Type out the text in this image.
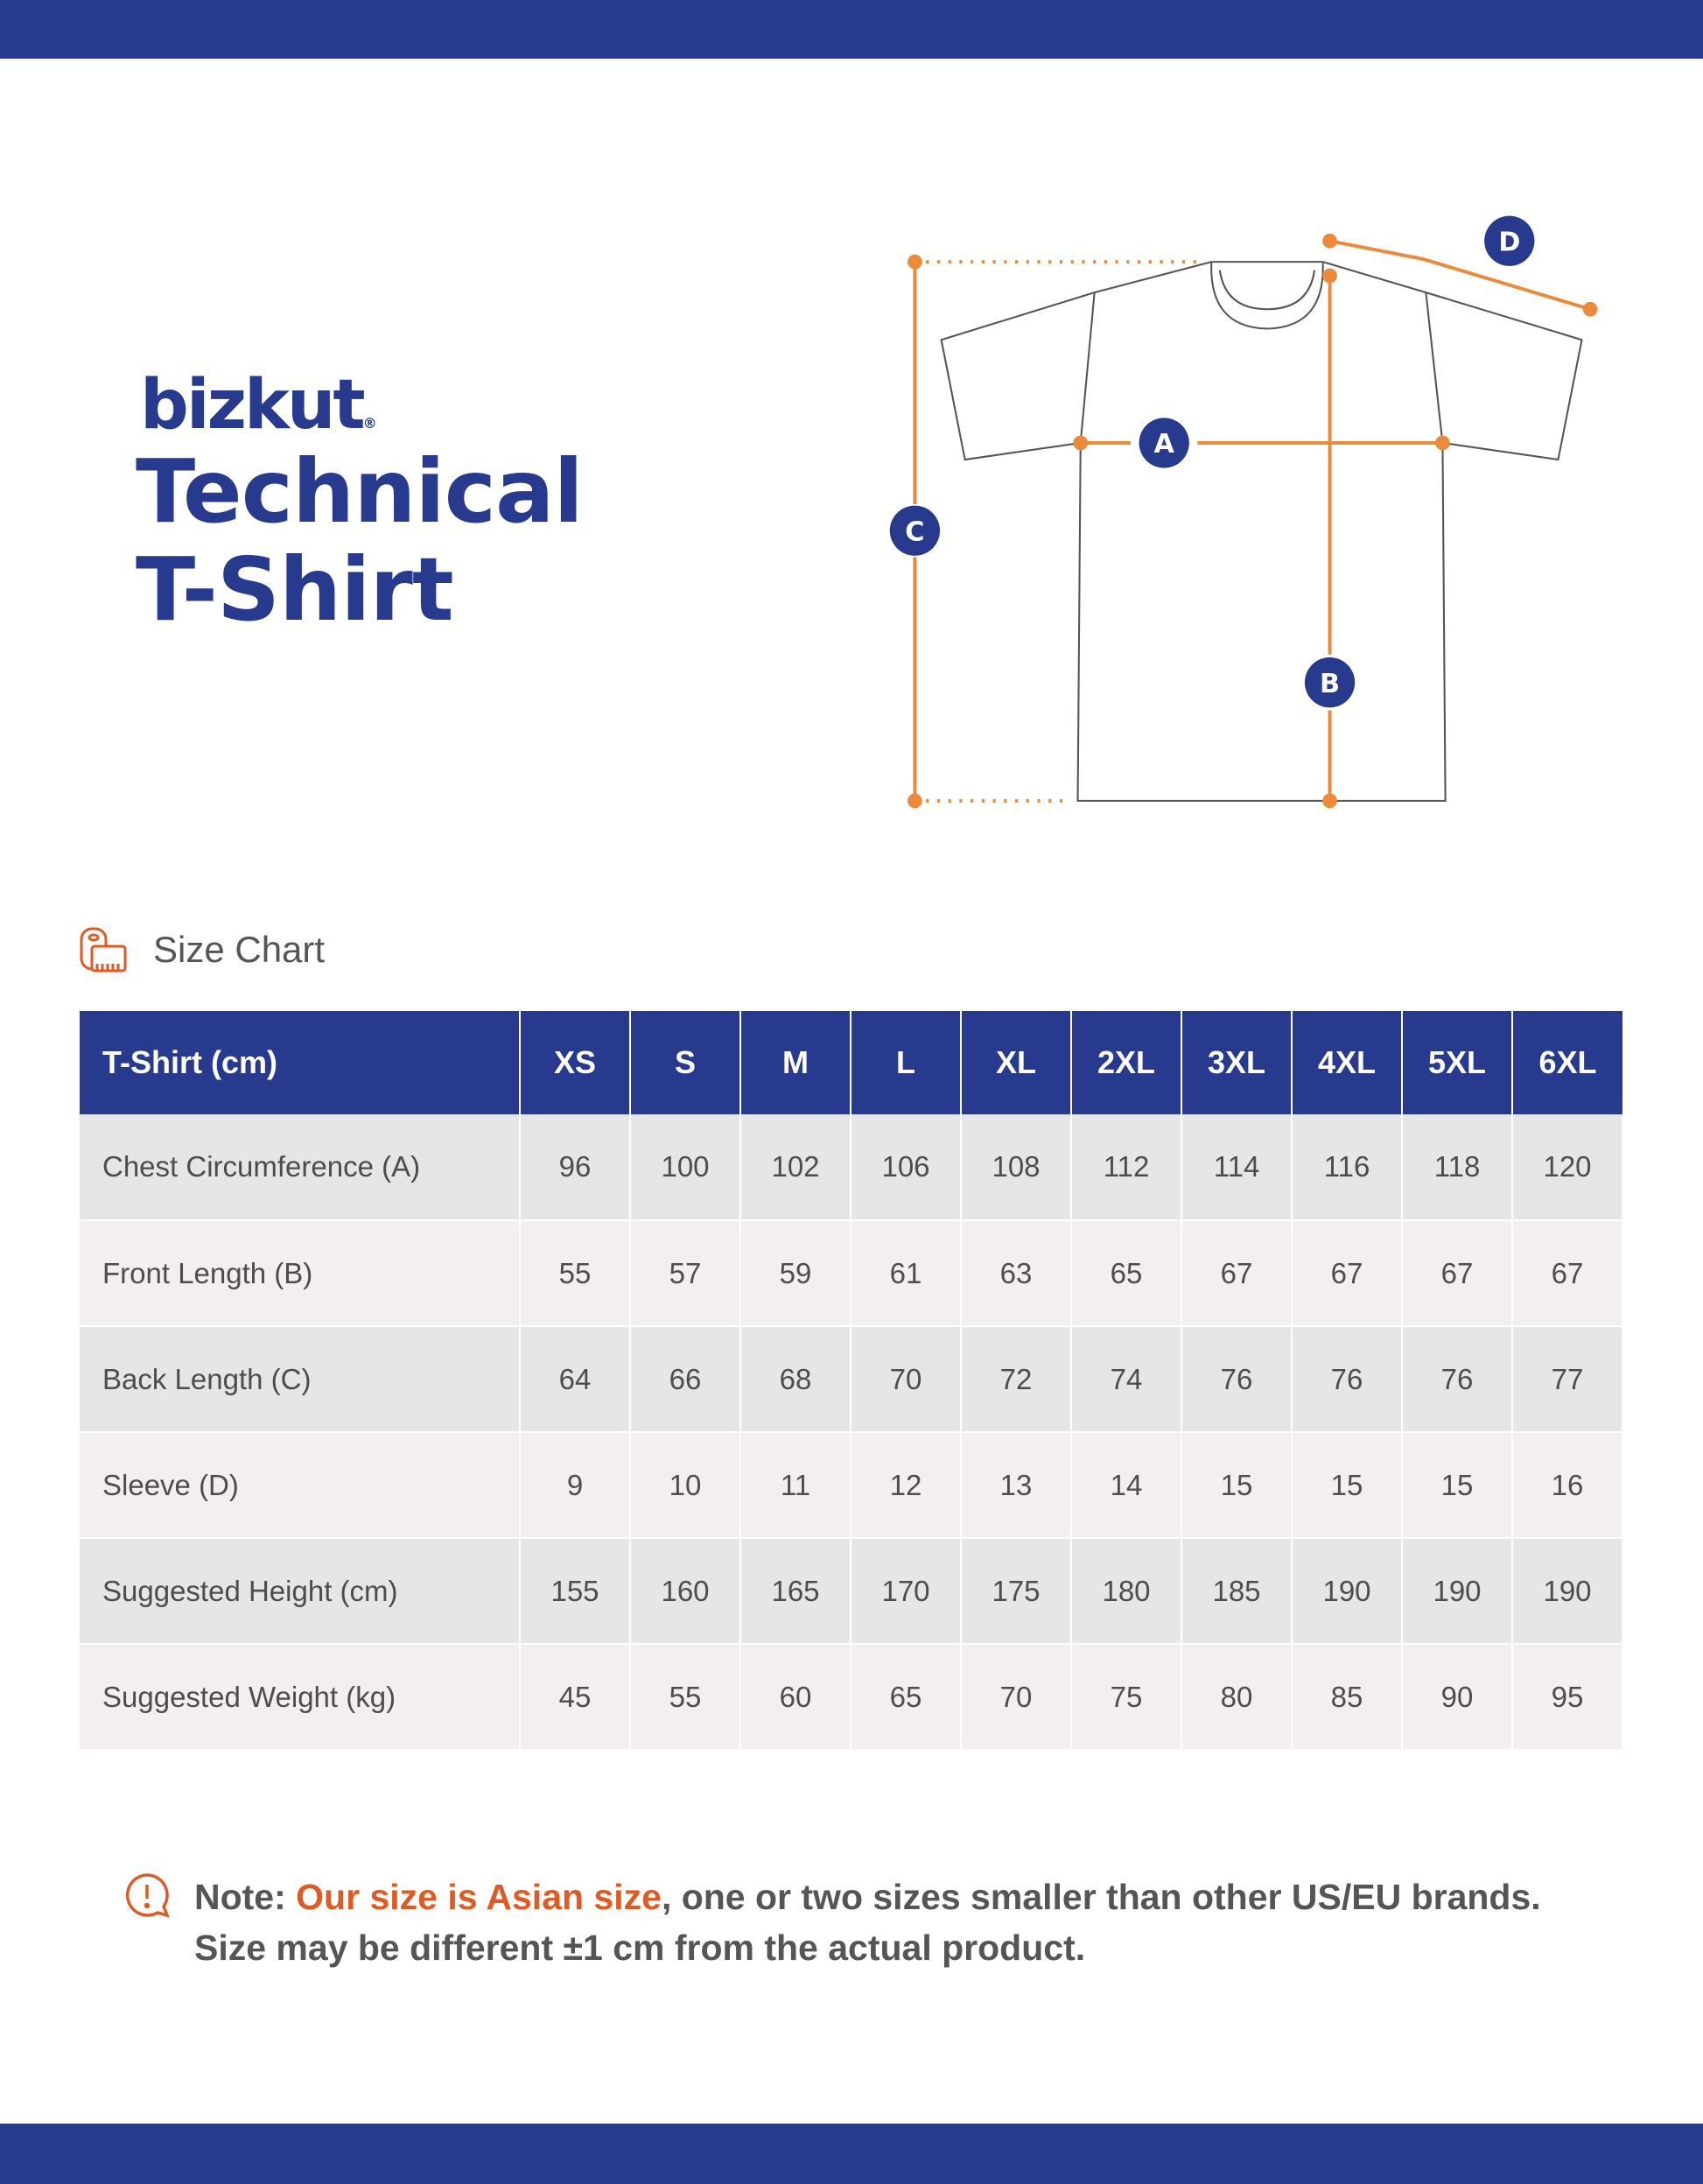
bizkut®
Technical
T-Shirt
A
B
C
D
Size Chart
T-Shirt (cm)	XS	S	M	L	XL	2XL	3XL	4XL	5XL	6XL
Chest Circumference (A)	96	100	102	106	108	112	114	116	118	120
Front Length (B)	55	57	59	61	63	65	67	67	67	67
Back Length (C)	64	66	68	70	72	74	76	76	76	77
Sleeve (D)	9	10	11	12	13	14	15	15	15	16
Suggested Height (cm)	155	160	165	170	175	180	185	190	190	190
Suggested Weight (kg)	45	55	60	65	70	75	80	85	90	95
Note: Our size is Asian size, one or two sizes smaller than other US/EU brands.
Size may be different ±1 cm from the actual product.
